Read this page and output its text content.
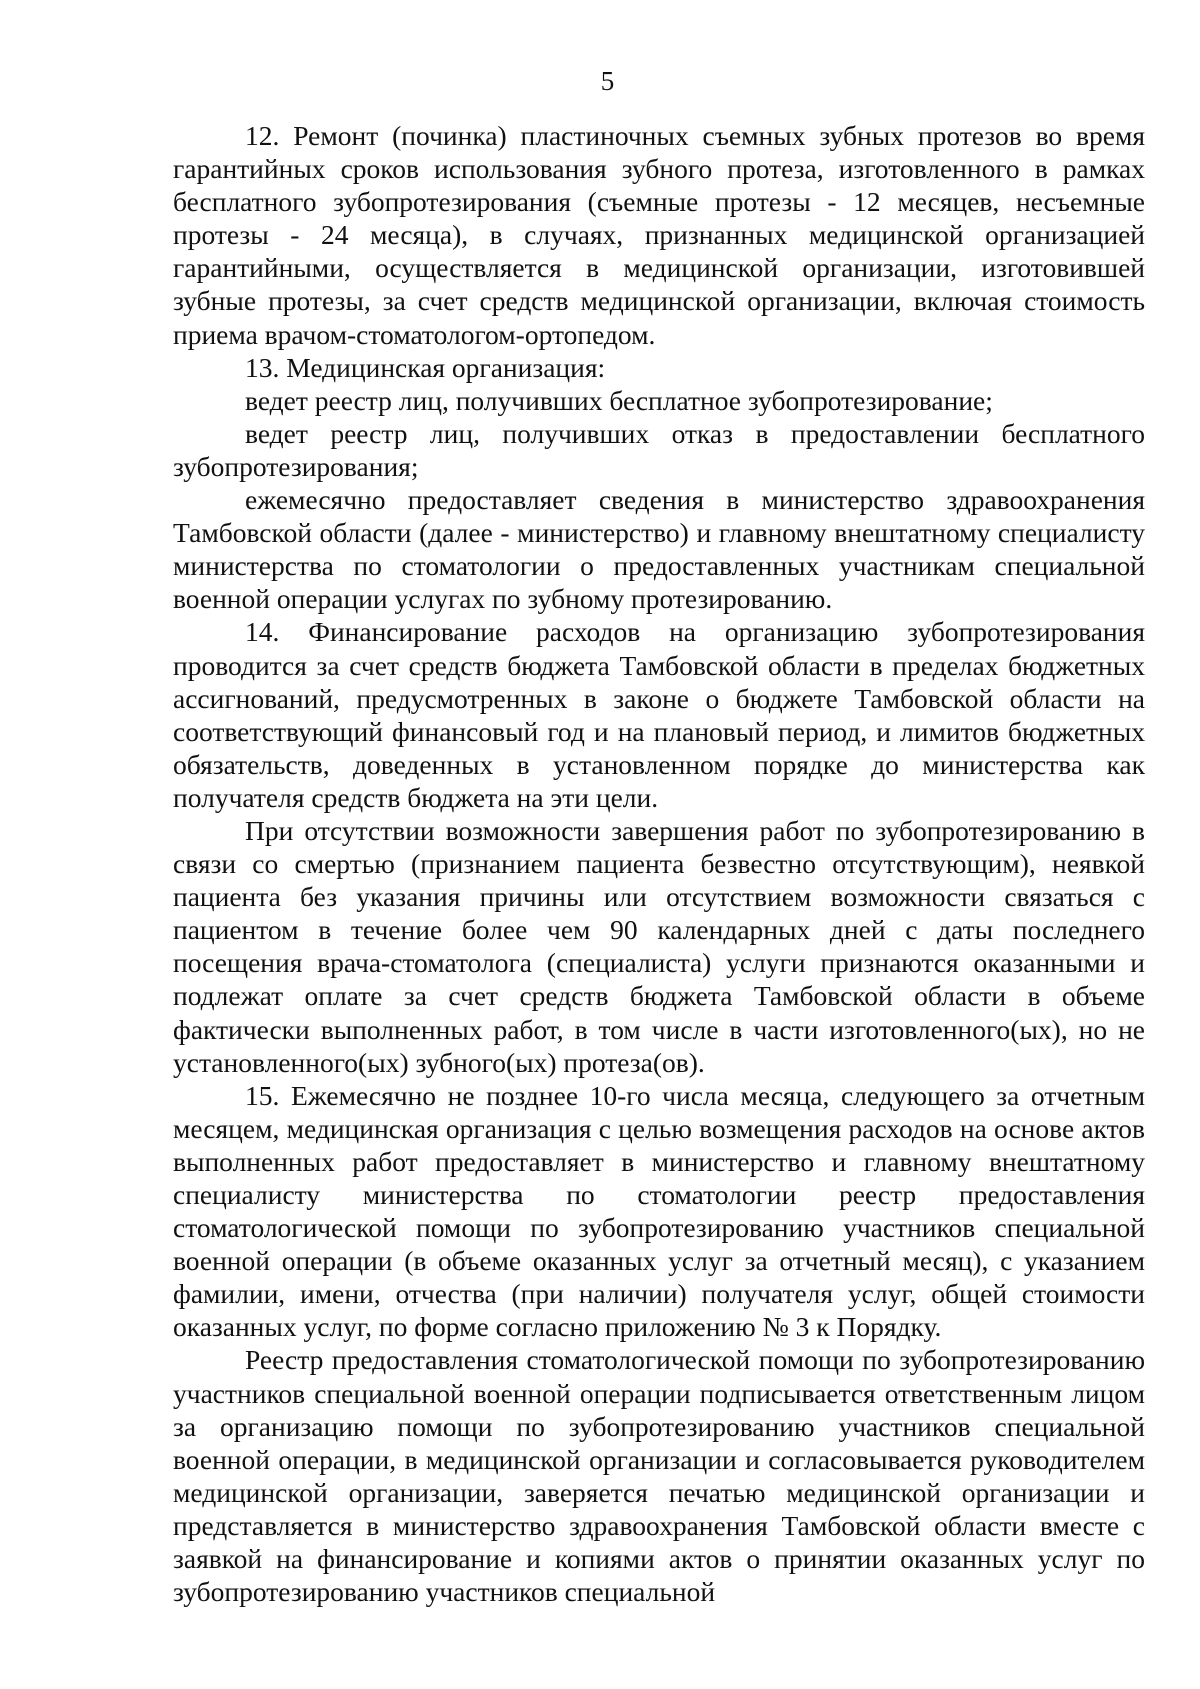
5

12. Ремонт (починка) пластиночных съемных зубных протезов во время гарантийных сроков использования зубного протеза, изготовленного в рамках бесплатного зубопротезирования (съемные протезы - 12 месяцев, несъемные протезы - 24 месяца), в случаях, признанных медицинской организацией гарантийными, осуществляется в медицинской организации, изготовившей зубные протезы, за счет средств медицинской организации, включая стоимость приема врачом-стоматологом-ортопедом.

13. Медицинская организация:

ведет реестр лиц, получивших бесплатное зубопротезирование;

ведет реестр лиц, получивших отказ в предоставлении бесплатного зубопротезирования;

ежемесячно предоставляет сведения в министерство здравоохранения Тамбовской области (далее - министерство) и главному внештатному специалисту министерства по стоматологии о предоставленных участникам специальной военной операции услугах по зубному протезированию.

14. Финансирование расходов на организацию зубопротезирования проводится за счет средств бюджета Тамбовской области в пределах бюджетных ассигнований, предусмотренных в законе о бюджете Тамбовской области на соответствующий финансовый год и на плановый период, и лимитов бюджетных обязательств, доведенных в установленном порядке до министерства как получателя средств бюджета на эти цели.

При отсутствии возможности завершения работ по зубопротезированию в связи со смертью (признанием пациента безвестно отсутствующим), неявкой пациента без указания причины или отсутствием возможности связаться с пациентом в течение более чем 90 календарных дней с даты последнего посещения врача-стоматолога (специалиста) услуги признаются оказанными и подлежат оплате за счет средств бюджета Тамбовской области в объеме фактически выполненных работ, в том числе в части изготовленного(ых), но не установленного(ых) зубного(ых) протеза(ов).

15. Ежемесячно не позднее 10-го числа месяца, следующего за отчетным месяцем, медицинская организация с целью возмещения расходов на основе актов выполненных работ предоставляет в министерство и главному внештатному специалисту министерства по стоматологии реестр предоставления стоматологической помощи по зубопротезированию участников специальной военной операции (в объеме оказанных услуг за отчетный месяц), с указанием фамилии, имени, отчества (при наличии) получателя услуг, общей стоимости оказанных услуг, по форме согласно приложению № 3 к Порядку.

Реестр предоставления стоматологической помощи по зубопротезированию участников специальной военной операции подписывается ответственным лицом за организацию помощи по зубопротезированию участников специальной военной операции, в медицинской организации и согласовывается руководителем медицинской организации, заверяется печатью медицинской организации и представляется в министерство здравоохранения Тамбовской области вместе с заявкой на финансирование и копиями актов о принятии оказанных услуг по зубопротезированию участников специальной
